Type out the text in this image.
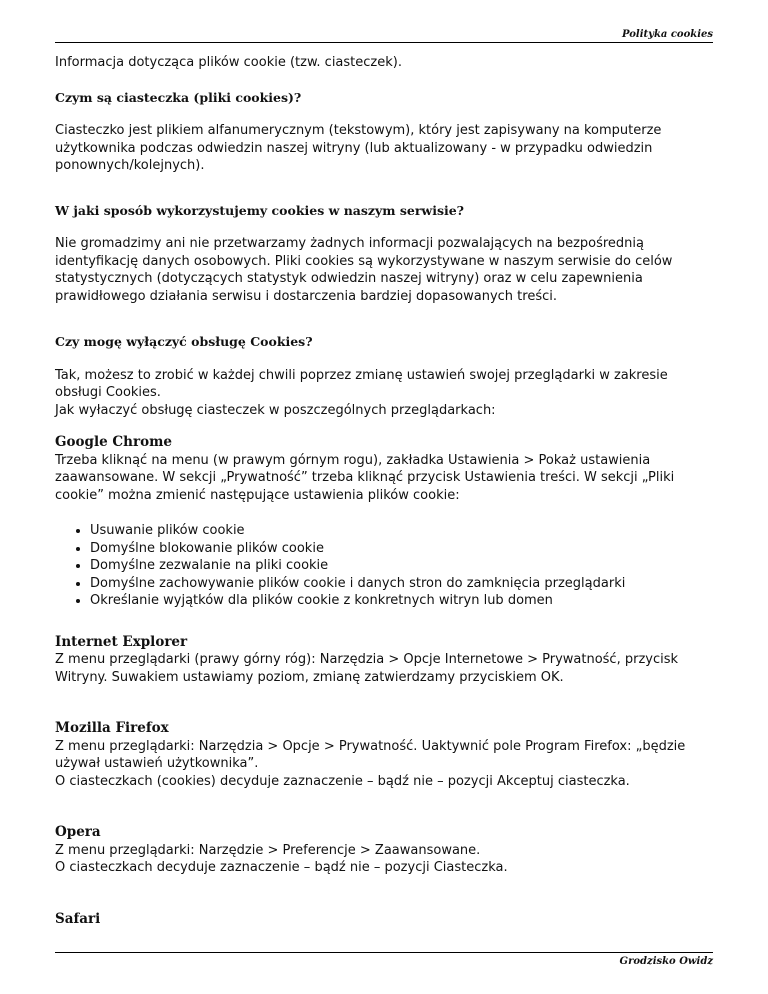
Polityka cookies

Informacja dotycząca plików cookie (tzw. ciasteczek).

Czym są ciasteczka (pliki cookies)?

Ciasteczko jest plikiem alfanumerycznym (tekstowym), który jest zapisywany na komputerze użytkownika podczas odwiedzin naszej witryny (lub aktualizowany - w przypadku odwiedzin ponownych/kolejnych).

W jaki sposób wykorzystujemy cookies w naszym serwisie?

Nie gromadzimy ani nie przetwarzamy żadnych informacji pozwalających na bezpośrednią identyfikację danych osobowych. Pliki cookies są wykorzystywane w naszym serwisie do celów statystycznych (dotyczących statystyk odwiedzin naszej witryny) oraz w celu zapewnienia prawidłowego działania serwisu i dostarczenia bardziej dopasowanych treści.

Czy mogę wyłączyć obsługę Cookies?

Tak, możesz to zrobić w każdej chwili poprzez zmianę ustawień swojej przeglądarki w zakresie obsługi Cookies.

Jak wyłaczyć obsługę ciasteczek w poszczególnych przeglądarkach:

Google Chrome

Trzeba kliknąć na menu (w prawym górnym rogu), zakładka Ustawienia > Pokaż ustawienia zaawansowane. W sekcji „Prywatność” trzeba kliknąć przycisk Ustawienia treści. W sekcji „Pliki cookie” można zmienić następujące ustawienia plików cookie:

• Usuwanie plików cookie
• Domyślne blokowanie plików cookie
• Domyślne zezwalanie na pliki cookie
• Domyślne zachowywanie plików cookie i danych stron do zamknięcia przeglądarki
• Określanie wyjątków dla plików cookie z konkretnych witryn lub domen

Internet Explorer

Z menu przeglądarki (prawy górny róg): Narzędzia > Opcje Internetowe > Prywatność, przycisk Witryny. Suwakiem ustawiamy poziom, zmianę zatwierdzamy przyciskiem OK.

Mozilla Firefox

Z menu przeglądarki: Narzędzia > Opcje > Prywatność. Uaktywnić pole Program Firefox: „będzie używał ustawień użytkownika”.

O ciasteczkach (cookies) decyduje zaznaczenie – bądź nie – pozycji Akceptuj ciasteczka.

Opera

Z menu przeglądarki: Narzędzie > Preferencje > Zaawansowane.

O ciasteczkach decyduje zaznaczenie – bądź nie – pozycji Ciasteczka.

Safari

Grodzisko Owidz
